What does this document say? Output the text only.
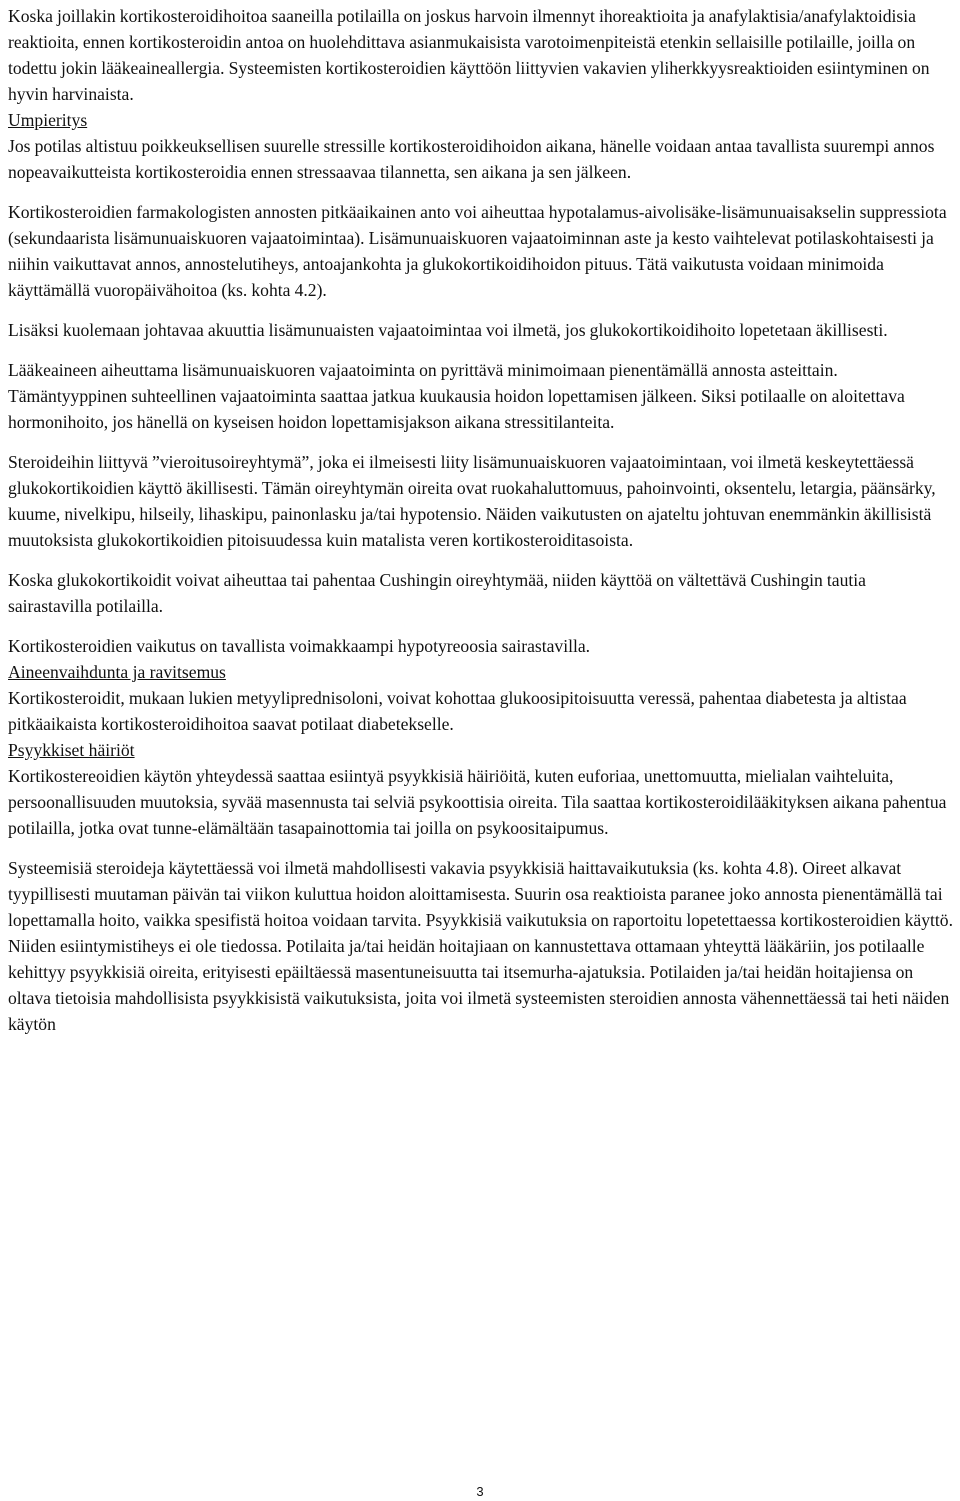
Koska joillakin kortikosteroidihoitoa saaneilla potilailla on joskus harvoin ilmennyt ihoreaktioita ja anafylaktisia/anafylaktoidisia reaktioita, ennen kortikosteroidin antoa on huolehdittava asianmukaisista varotoimenpiteistä etenkin sellaisille potilaille, joilla on todettu jokin lääkeaineallergia. Systeemisten kortikosteroidien käyttöön liittyvien vakavien yliherkkyysreaktioiden esiintyminen on hyvin harvinaista.

Umpieritys

Jos potilas altistuu poikkeuksellisen suurelle stressille kortikosteroidihoidon aikana, hänelle voidaan antaa tavallista suurempi annos nopeavaikutteista kortikosteroidia ennen stressaavaa tilannetta, sen aikana ja sen jälkeen.

Kortikosteroidien farmakologisten annosten pitkäaikainen anto voi aiheuttaa hypotalamus-aivolisäke-lisämunuaisakselin suppressiota (sekundaarista lisämunuaiskuoren vajaatoimintaa). Lisämunuaiskuoren vajaatoiminnan aste ja kesto vaihtelevat potilaskohtaisesti ja niihin vaikuttavat annos, annostelutiheys, antoajankohta ja glukokortikoidihoidon pituus. Tätä vaikutusta voidaan minimoida käyttämällä vuoropäivähoitoa (ks. kohta 4.2).

Lisäksi kuolemaan johtavaa akuuttia lisämunuaisten vajaatoimintaa voi ilmetä, jos glukokortikoidihoito lopetetaan äkillisesti.

Lääkeaineen aiheuttama lisämunuaiskuoren vajaatoiminta on pyrittävä minimoimaan pienentämällä annosta asteittain. Tämäntyyppinen suhteellinen vajaatoiminta saattaa jatkua kuukausia hoidon lopettamisen jälkeen. Siksi potilaalle on aloitettava hormonihoito, jos hänellä on kyseisen hoidon lopettamisjakson aikana stressitilanteita.

Steroideihin liittyvä ”vieroitusoireyhtymä”, joka ei ilmeisesti liity lisämunuaiskuoren vajaatoimintaan, voi ilmetä keskeytettäessä glukokortikoidien käyttö äkillisesti. Tämän oireyhtymän oireita ovat ruokahaluttomuus, pahoinvointi, oksentelu, letargia, päänsärky, kuume, nivelkipu, hilseily, lihaskipu, painonlasku ja/tai hypotensio. Näiden vaikutusten on ajateltu johtuvan enemmänkin äkillisistä muutoksista glukokortikoidien pitoisuudessa kuin matalista veren kortikosteroiditasoista.

Koska glukokortikoidit voivat aiheuttaa tai pahentaa Cushingin oireyhtymää, niiden käyttöä on vältettävä Cushingin tautia sairastavilla potilailla.

Kortikosteroidien vaikutus on tavallista voimakkaampi hypotyreoosia sairastavilla.

Aineenvaihdunta ja ravitsemus

Kortikosteroidit, mukaan lukien metyyliprednisoloni, voivat kohottaa glukoosipitoisuutta veressä, pahentaa diabetesta ja altistaa pitkäaikaista kortikosteroidihoitoa saavat potilaat diabetekselle.

Psyykkiset häiriöt

Kortikostereoidien käytön yhteydessä saattaa esiintyä psyykkisiä häiriöitä, kuten euforiaa, unettomuutta, mielialan vaihteluita, persoonallisuuden muutoksia, syvää masennusta tai selviä psykoottisia oireita. Tila saattaa kortikosteroidilääkityksen aikana pahentua potilailla, jotka ovat tunne-elämältään tasapainottomia tai joilla on psykoositaipumus.

Systeemisiä steroideja käytettäessä voi ilmetä mahdollisesti vakavia psyykkisiä haittavaikutuksia (ks. kohta 4.8). Oireet alkavat tyypillisesti muutaman päivän tai viikon kuluttua hoidon aloittamisesta. Suurin osa reaktioista paranee joko annosta pienentämällä tai lopettamalla hoito, vaikka spesifistä hoitoa voidaan tarvita. Psyykkisiä vaikutuksia on raportoitu lopetettaessa kortikosteroidien käyttö. Niiden esiintymistiheys ei ole tiedossa. Potilaita ja/tai heidän hoitajiaan on kannustettava ottamaan yhteyttä lääkäriin, jos potilaalle kehittyy psyykkisiä oireita, erityisesti epäiltäessä masentuneisuutta tai itsemurha-ajatuksia. Potilaiden ja/tai heidän hoitajiensa on oltava tietoisia mahdollisista psyykkisistä vaikutuksista, joita voi ilmetä systeemisten steroidien annosta vähennettäessä tai heti näiden käytön

3
